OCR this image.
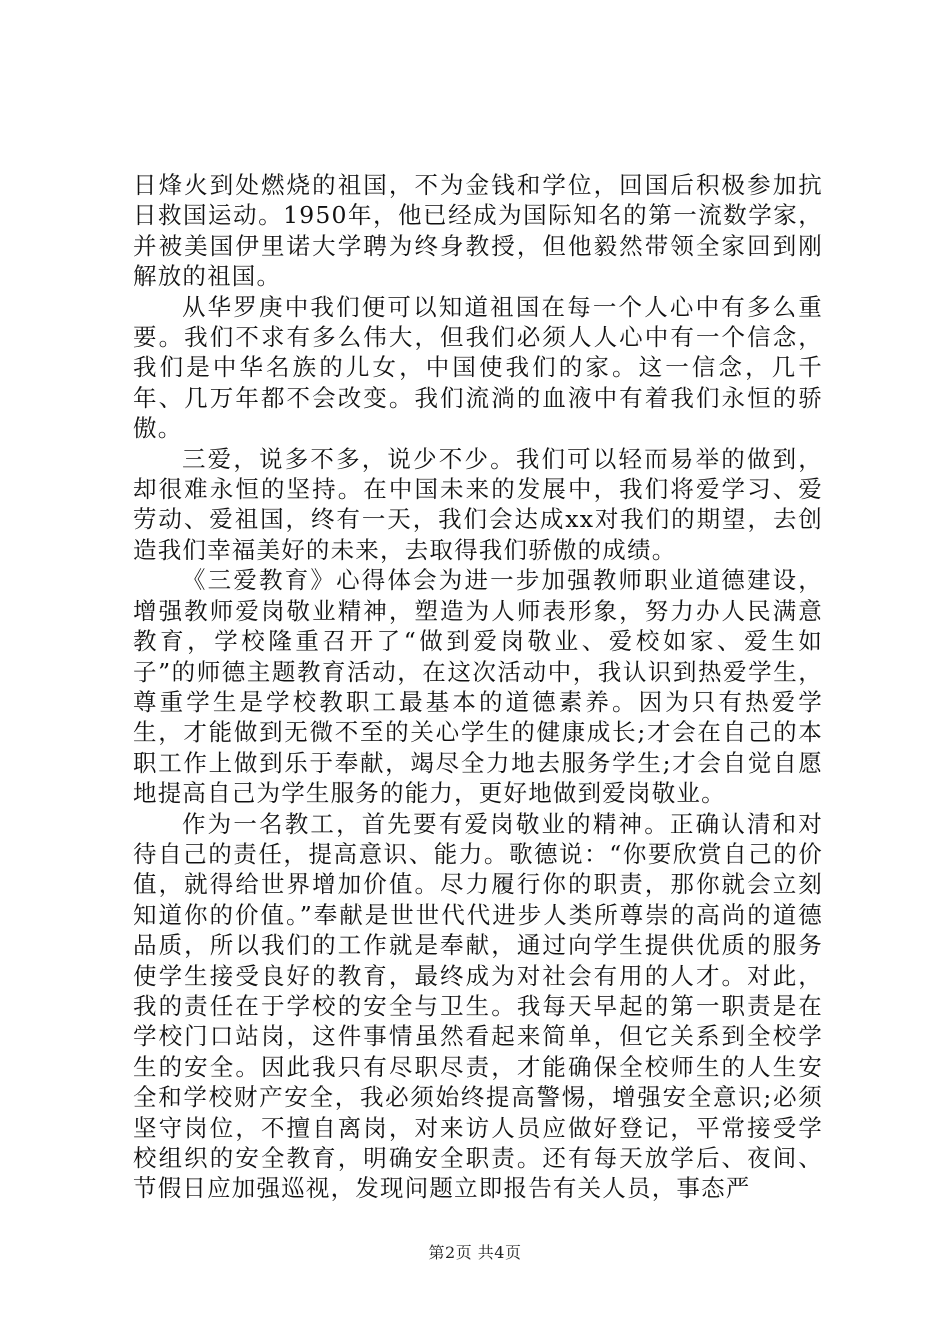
日烽火到处燃烧的祖国，不为金钱和学位，回国后积极参加抗日救国运动。1950年，他已经成为国际知名的第一流数学家，并被美国伊里诺大学聘为终身教授，但他毅然带领全家回到刚解放的祖国。

从华罗庚中我们便可以知道祖国在每一个人心中有多么重要。我们不求有多么伟大，但我们必须人人心中有一个信念，我们是中华名族的儿女，中国使我们的家。这一信念，几千年、几万年都不会改变。我们流淌的血液中有着我们永恒的骄傲。

三爱，说多不多，说少不少。我们可以轻而易举的做到，却很难永恒的坚持。在中国未来的发展中，我们将爱学习、爱劳动、爱祖国，终有一天，我们会达成xx对我们的期望，去创造我们幸福美好的未来，去取得我们骄傲的成绩。

《三爱教育》心得体会为进一步加强教师职业道德建设，增强教师爱岗敬业精神，塑造为人师表形象，努力办人民满意教育，学校隆重召开了“做到爱岗敬业、爱校如家、爱生如子”的师德主题教育活动，在这次活动中，我认识到热爱学生，尊重学生是学校教职工最基本的道德素养。因为只有热爱学生，才能做到无微不至的关心学生的健康成长;才会在自己的本职工作上做到乐于奉献，竭尽全力地去服务学生;才会自觉自愿地提高自己为学生服务的能力，更好地做到爱岗敬业。

作为一名教工，首先要有爱岗敬业的精神。正确认清和对待自己的责任，提高意识、能力。歌德说：“你要欣赏自己的价值，就得给世界增加价值。尽力履行你的职责，那你就会立刻知道你的价值。”奉献是世世代代进步人类所尊崇的高尚的道德品质，所以我们的工作就是奉献，通过向学生提供优质的服务使学生接受良好的教育，最终成为对社会有用的人才。对此，我的责任在于学校的安全与卫生。我每天早起的第一职责是在学校门口站岗，这件事情虽然看起来简单，但它关系到全校学生的安全。因此我只有尽职尽责，才能确保全校师生的人生安全和学校财产安全，我必须始终提高警惕，增强安全意识;必须坚守岗位，不擅自离岗，对来访人员应做好登记，平常接受学校组织的安全教育，明确安全职责。还有每天放学后、夜间、节假日应加强巡视，发现问题立即报告有关人员，事态严

第2页 共4页
